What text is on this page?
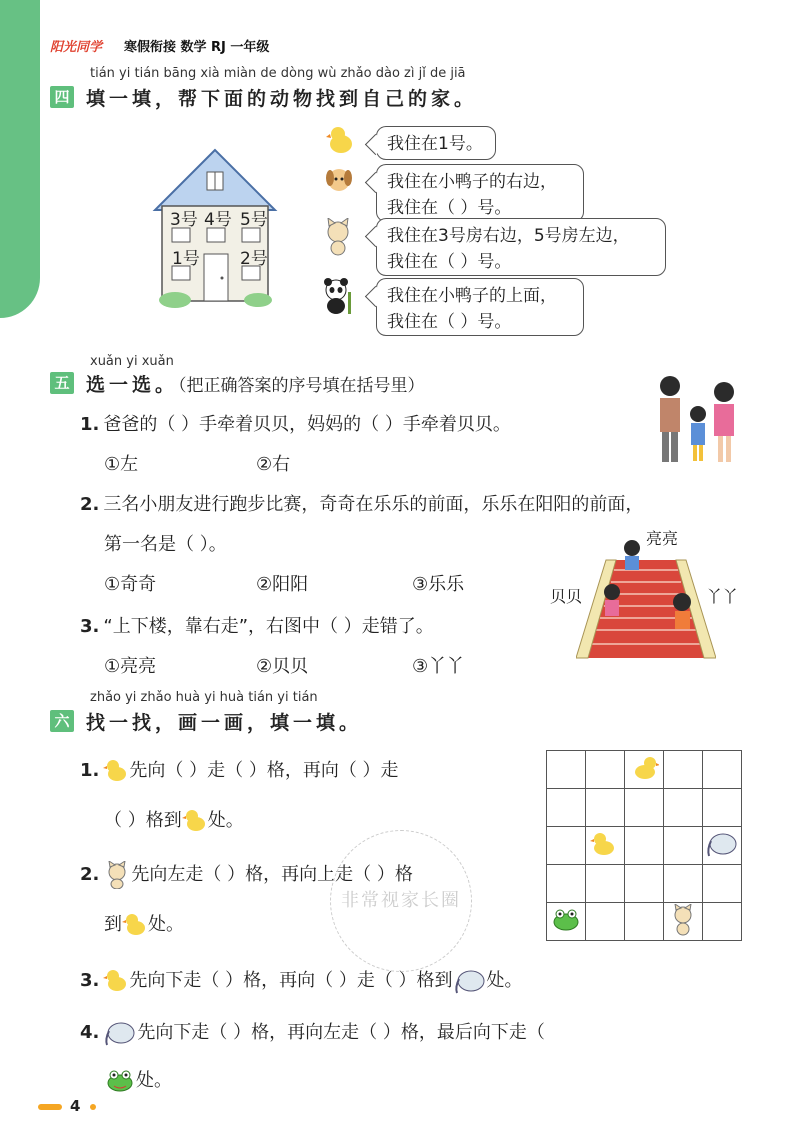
阳光同学 寒假衔接 数学 RJ 一年级
tián yi tián bāng xià miàn de dòng wù zhǎo dào zì jǐ de jiā
四 填一填，帮下面的动物找到自己的家。
3号 4号 5号
1号 2号
我住在1号。
我住在小鸭子的右边，
我住在（ ）号。
我住在3号房右边，5号房左边，
我住在（ ）号。
我住在小鸭子的上面，
我住在（ ）号。
xuǎn yi xuǎn
五 选一选。（把正确答案的序号填在括号里）
1. 爸爸的（ ）手牵着贝贝，妈妈的（ ）手牵着贝贝。
①左	②右
2. 三名小朋友进行跑步比赛，奇奇在乐乐的前面，乐乐在阳阳的前面，
第一名是（ ）。
①奇奇	②阳阳	③乐乐
3. “上下楼，靠右走”，右图中（ ）走错了。
①亮亮	②贝贝	③丫丫
亮亮
贝贝	丫丫
zhǎo yi zhǎo huà yi huà tián yi tián
六 找一找，画一画，填一填。
1. 先向（ ）走（ ）格，再向（ ）走
（ ）格到 处。
2. 先向左走（ ）格，再向上走（ ）格
到 处。
3. 先向下走（ ）格，再向（ ）走（ ）格到 处。
4. 先向下走（ ）格，再向左走（ ）格，最后向下走（
处。

非常视家长圈
4
